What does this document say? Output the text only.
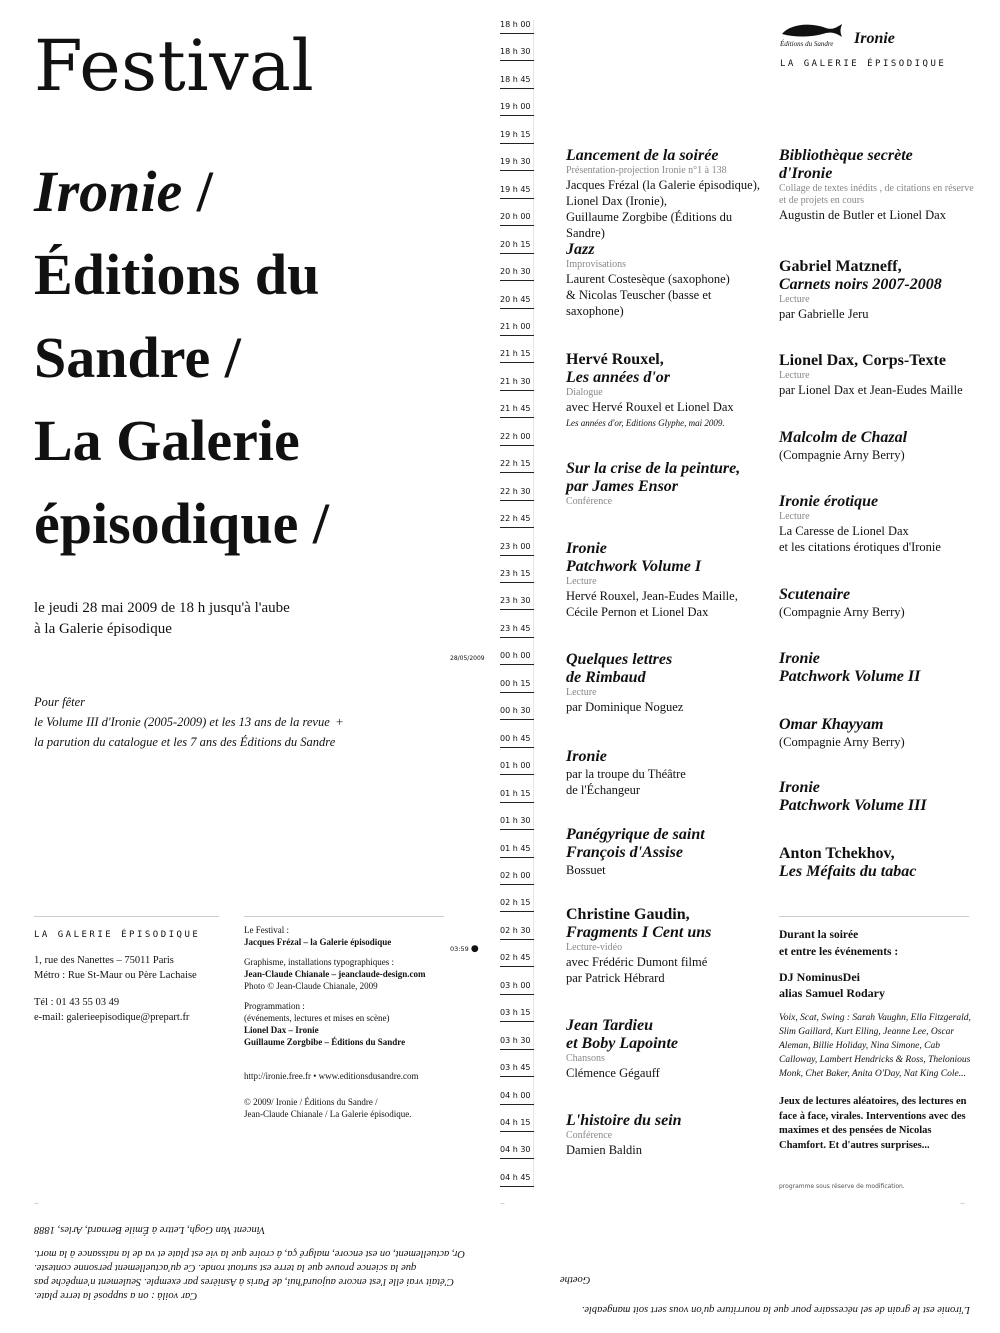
Festival
Ironie /
Éditions du
Sandre /
La Galerie
épisodique /
le jeudi 28 mai 2009 de 18 h jusqu'à l'aube
à la Galerie épisodique
28/05/2009
Pour fêter
le Volume III d'Ironie (2005-2009) et les 13 ans de la revue +
la parution du catalogue et les 7 ans des Éditions du Sandre
LA GALERIE ÉPISODIQUE
1, rue des Nanettes – 75011 Paris
Métro : Rue St-Maur ou Père Lachaise
Tél : 01 43 55 03 49
e-mail: galerieepisodique@prepart.fr

Le Festival :
Jacques Frézal – la Galerie épisodique

Graphisme, installations typographiques :
Jean-Claude Chianale – jeanclaude-design.com
Photo © Jean-Claude Chianale, 2009

Programmation :
(événements, lectures et mises en scène)
Lionel Dax – Ironie
Guillaume Zorgbibe – Éditions du Sandre

http://ironie.free.fr • www.editionsdusandre.com

© 2009/ Ironie / Éditions du Sandre /
Jean-Claude Chianale / La Galerie épisodique.

03:59 ●
18 h 00
18 h 30
18 h 45
19 h 00
19 h 15
19 h 30
19 h 45
20 h 00
20 h 15
20 h 30
20 h 45
21 h 00
21 h 15
21 h 30
21 h 45
22 h 00
22 h 15
22 h 30
22 h 45
23 h 00
23 h 15
23 h 30
23 h 45
00 h 00
00 h 15
00 h 30
00 h 45
01 h 00
01 h 15
01 h 30
01 h 45
02 h 00
02 h 15
02 h 30
02 h 45
03 h 00
03 h 15
03 h 30
03 h 45
04 h 00
04 h 15
04 h 30
04 h 45
Éditions du Sandre Ironie
LA GALERIE ÉPISODIQUE
Lancement de la soirée
Présentation-projection Ironie n°1 à 138
Jacques Frézal (la Galerie épisodique),
Lionel Dax (Ironie),
Guillaume Zorgbibe (Éditions du Sandre)
Jazz
Improvisations
Laurent Costesèque (saxophone)
& Nicolas Teuscher (basse et
saxophone)
Hervé Rouxel,
Les années d'or
Dialogue
avec Hervé Rouxel et Lionel Dax
Les années d'or, Editions Glyphe, mai 2009.
Sur la crise de la peinture,
par James Ensor
Conférence
Ironie
Patchwork Volume I
Lecture
Hervé Rouxel, Jean-Eudes Maille,
Cécile Pernon et Lionel Dax
Quelques lettres
de Rimbaud
Lecture
par Dominique Noguez
Ironie
par la troupe du Théâtre
de l'Échangeur
Panégyrique de saint
François d'Assise
Bossuet
Christine Gaudin,
Fragments I Cent uns
Lecture-vidéo
avec Frédéric Dumont filmé
par Patrick Hébrard
Jean Tardieu
et Boby Lapointe
Chansons
Clémence Gégauff
L'histoire du sein
Conférence
Damien Baldin
Bibliothèque secrète
d'Ironie
Collage de textes inédits , de citations en réserve et de projets en cours
Augustin de Butler et Lionel Dax
Gabriel Matzneff,
Carnets noirs 2007-2008
Lecture
par Gabrielle Jeru
Lionel Dax, Corps-Texte
Lecture
par Lionel Dax et Jean-Eudes Maille
Malcolm de Chazal
(Compagnie Arny Berry)
Ironie érotique
Lecture
La Caresse de Lionel Dax
et les citations érotiques d'Ironie
Scutenaire
(Compagnie Arny Berry)
Ironie
Patchwork Volume II
Omar Khayyam
(Compagnie Arny Berry)
Ironie
Patchwork Volume III
Anton Tchekhov,
Les Méfaits du tabac
Durant la soirée
et entre les événements :
DJ NominusDei
alias Samuel Rodary
Voix, Scat, Swing : Sarah Vaughn, Ella Fitzgerald, Slim Gaillard, Kurt Elling, Jeanne Lee, Oscar Aleman, Billie Holiday, Nina Simone, Cab Calloway, Lambert Hendricks & Ross, Thelonious Monk, Chet Baker, Anita O'Day, Nat King Cole...
Jeux de lectures aléatoires, des lectures en face à face, virales. Interventions avec des maximes et des pensées de Nicolas Chamfort. Et d'autres surprises...
programme sous réserve de modification.
–	–	–
Car voilà : on a supposé la terre plate.
C'était vrai elle l'est encore aujourd'hui, de Paris à Asnières par exemple. Seulement n'empêche pas
que la science prouve que la terre est surtout ronde. Ce qu'actuellement personne conteste.
Or, actuellement, on est encore, malgré ça, à croire que la vie est plate et va de la naissance à la mort.
Vincent Van Gogh, Lettre à Émile Bernard, Arles, 1888
L'ironie est le grain de sel nécessaire pour que la nourriture qu'on vous sert soit mangeable.
Goethe
